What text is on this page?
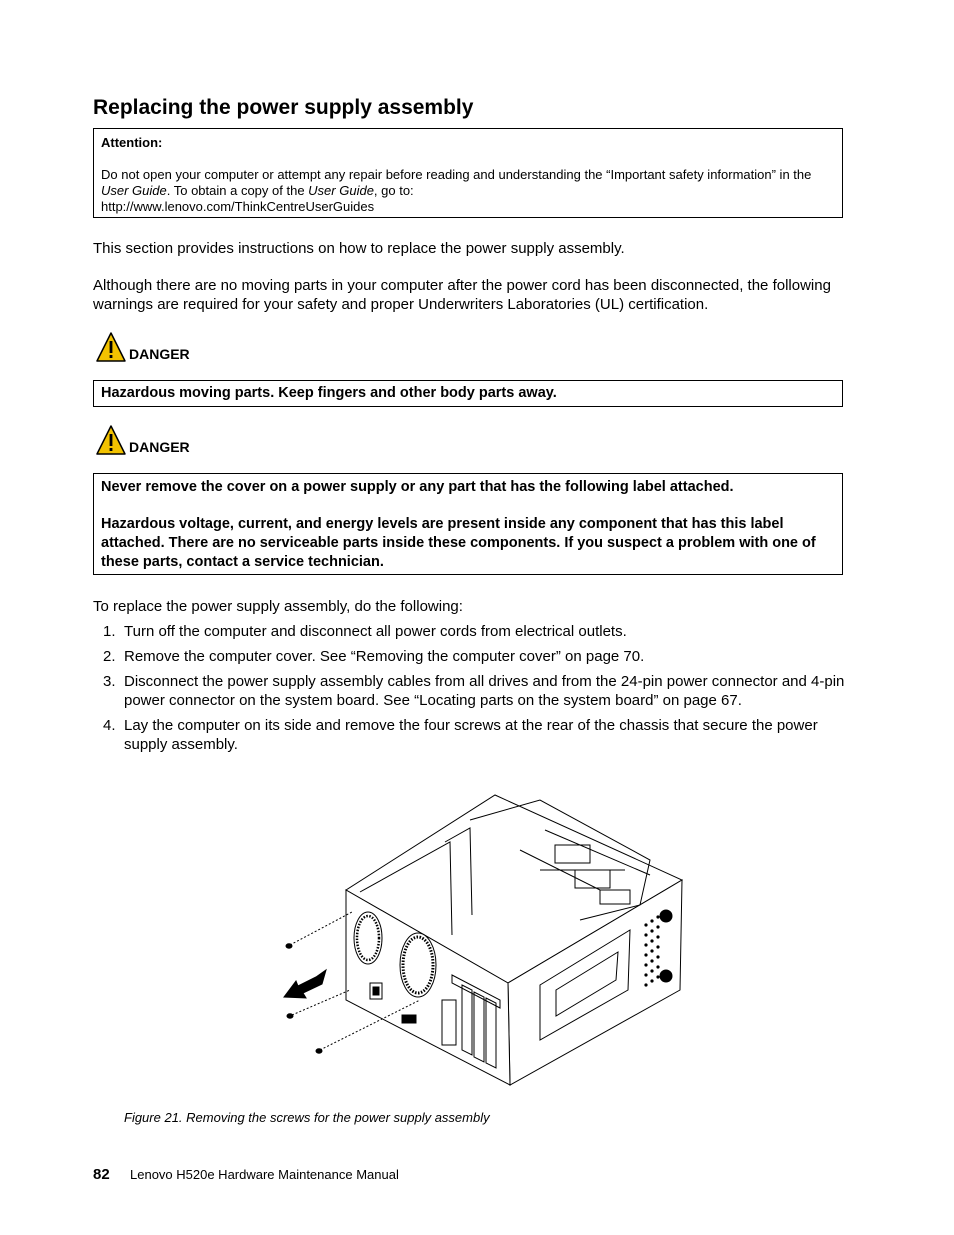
Replacing the power supply assembly

Attention:

Do not open your computer or attempt any repair before reading and understanding the “Important safety information” in the User Guide. To obtain a copy of the User Guide, go to:

http://www.lenovo.com/ThinkCentreUserGuides

This section provides instructions on how to replace the power supply assembly.

Although there are no moving parts in your computer after the power cord has been disconnected, the following warnings are required for your safety and proper Underwriters Laboratories (UL) certification.

DANGER
Hazardous moving parts. Keep fingers and other body parts away.
DANGER

Never remove the cover on a power supply or any part that has the following label attached.

Hazardous voltage, current, and energy levels are present inside any component that has this label attached. There are no serviceable parts inside these components. If you suspect a problem with one of these parts, contact a service technician.

To replace the power supply assembly, do the following:

1. Turn off the computer and disconnect all power cords from electrical outlets.
2. Remove the computer cover. See “Removing the computer cover” on page 70.
3. Disconnect the power supply assembly cables from all drives and from the 24-pin power connector and 4-pin power connector on the system board. See “Locating parts on the system board” on page 67.
4. Lay the computer on its side and remove the four screws at the rear of the chassis that secure the power supply assembly.
Figure 21. Removing the screws for the power supply assembly
82	Lenovo H520e Hardware Maintenance Manual
